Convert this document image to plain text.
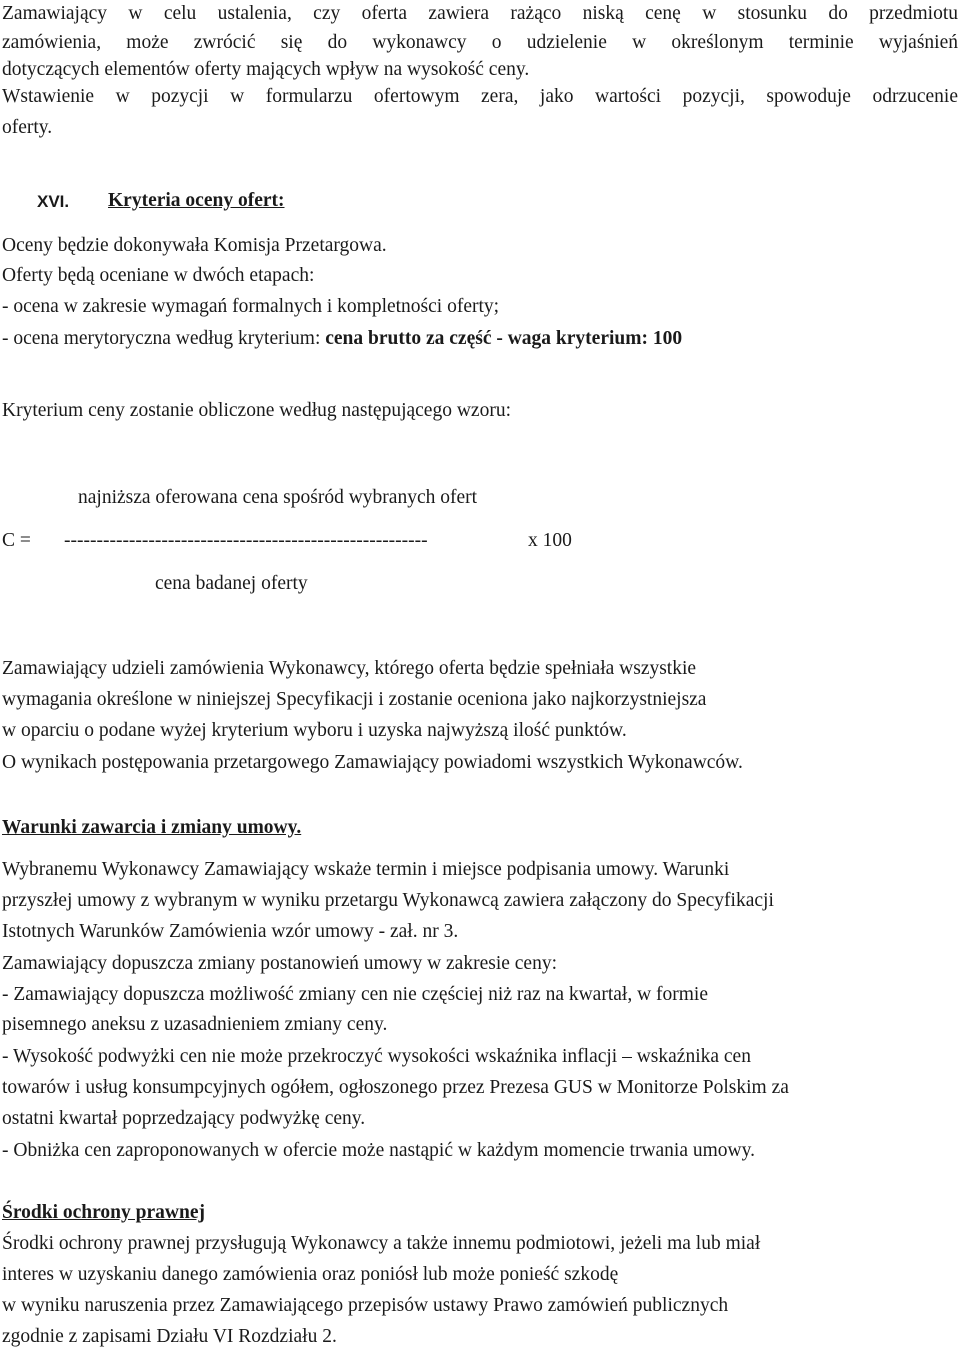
Zamawiający w celu ustalenia, czy oferta zawiera rażąco niską cenę w stosunku do przedmiotu
zamówienia, może zwrócić się do wykonawcy o udzielenie w określonym terminie wyjaśnień
dotyczących elementów oferty mających wpływ na wysokość ceny.
Wstawienie w pozycji w formularzu ofertowym zera, jako wartości pozycji, spowoduje odrzucenie
oferty.
XVI. Kryteria oceny ofert:
Oceny będzie dokonywała Komisja Przetargowa.
Oferty będą oceniane w dwóch etapach:
- ocena w zakresie wymagań formalnych i kompletności oferty;
- ocena merytoryczna według kryterium: cena brutto za część - waga kryterium: 100
Kryterium ceny zostanie obliczone według następującego wzoru:
najniższa oferowana cena spośród wybranych ofert
C = --------------------------------------------------------	x 100
cena badanej oferty
Zamawiający udzieli zamówienia Wykonawcy, którego oferta będzie spełniała wszystkie
wymagania określone w niniejszej Specyfikacji i zostanie oceniona jako najkorzystniejsza
w oparciu o podane wyżej kryterium wyboru i uzyska najwyższą ilość punktów.
O wynikach postępowania przetargowego Zamawiający powiadomi wszystkich Wykonawców.
Warunki zawarcia i zmiany umowy.
Wybranemu Wykonawcy Zamawiający wskaże termin i miejsce podpisania umowy. Warunki
przyszłej umowy z wybranym w wyniku przetargu Wykonawcą zawiera załączony do Specyfikacji
Istotnych Warunków Zamówienia wzór umowy - zał. nr 3.
Zamawiający dopuszcza zmiany postanowień umowy w zakresie ceny:
- Zamawiający dopuszcza możliwość zmiany cen nie częściej niż raz na kwartał, w formie
pisemnego aneksu z uzasadnieniem zmiany ceny.
- Wysokość podwyżki cen nie może przekroczyć wysokości wskaźnika inflacji – wskaźnika cen
towarów i usług konsumpcyjnych ogółem, ogłoszonego przez Prezesa GUS w Monitorze Polskim za
ostatni kwartał poprzedzający podwyżkę ceny.
- Obniżka cen zaproponowanych w ofercie może nastąpić w każdym momencie trwania umowy.
Środki ochrony prawnej
Środki ochrony prawnej przysługują Wykonawcy a także innemu podmiotowi, jeżeli ma lub miał
interes w uzyskaniu danego zamówienia oraz poniósł lub może ponieść szkodę
w wyniku naruszenia przez Zamawiającego przepisów ustawy Prawo zamówień publicznych
zgodnie z zapisami Działu VI Rozdziału 2.
